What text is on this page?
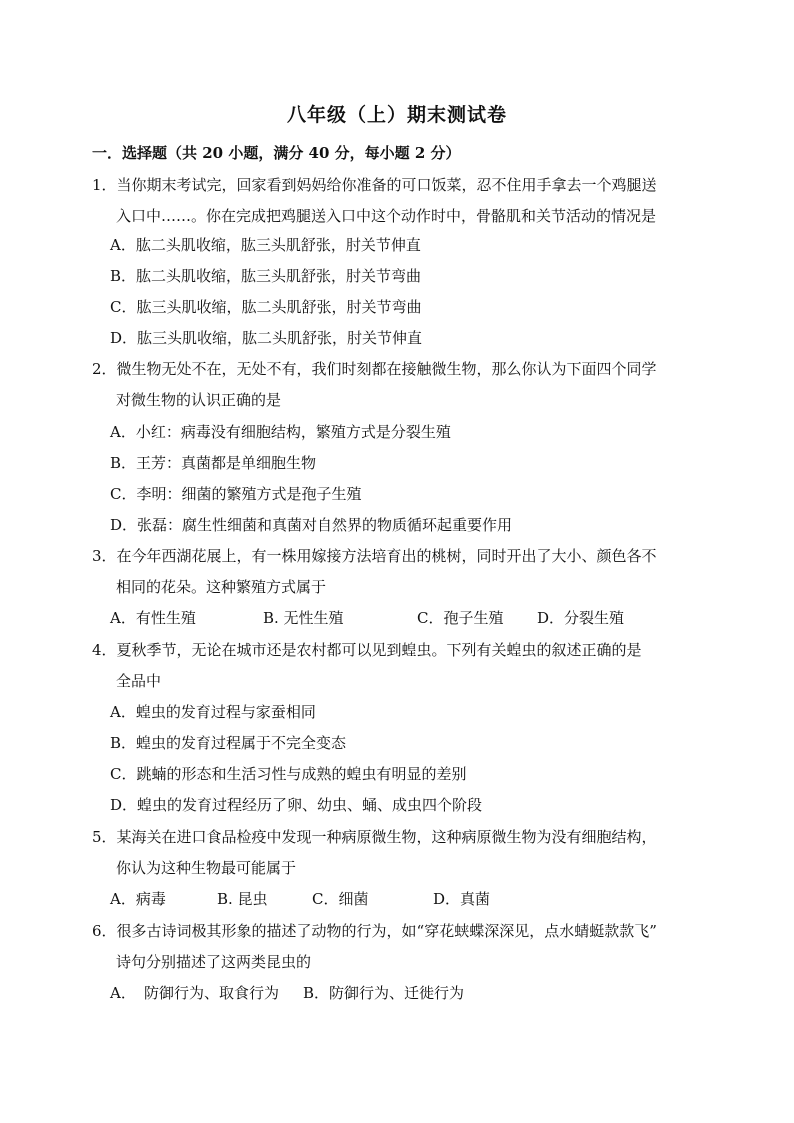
八年级（上）期末测试卷
一．选择题（共 20 小题，满分 40 分，每小题 2 分）
1．当你期末考试完，回家看到妈妈给你准备的可口饭菜，忍不住用手拿去一个鸡腿送
入口中……。你在完成把鸡腿送入口中这个动作时中，骨骼肌和关节活动的情况是
A．肱二头肌收缩，肱三头肌舒张，肘关节伸直
B．肱二头肌收缩，肱三头肌舒张，肘关节弯曲
C．肱三头肌收缩，肱二头肌舒张，肘关节弯曲
D．肱三头肌收缩，肱二头肌舒张，肘关节伸直
2．微生物无处不在，无处不有，我们时刻都在接触微生物，那么你认为下面四个同学
对微生物的认识正确的是
A．小红：病毒没有细胞结构，繁殖方式是分裂生殖
B．王芳：真菌都是单细胞生物
C．李明：细菌的繁殖方式是孢子生殖
D．张磊：腐生性细菌和真菌对自然界的物质循环起重要作用
3．在今年西湖花展上，有一株用嫁接方法培育出的桃树，同时开出了大小、颜色各不
相同的花朵。这种繁殖方式属于
A．有性生殖	B. 无性生殖	C．孢子生殖 D．分裂生殖
4．夏秋季节，无论在城市还是农村都可以见到蝗虫。下列有关蝗虫的叙述正确的是
全品中
A．蝗虫的发育过程与家蚕相同
B．蝗虫的发育过程属于不完全变态
C．跳蝻的形态和生活习性与成熟的蝗虫有明显的差别
D．蝗虫的发育过程经历了卵、幼虫、蛹、成虫四个阶段
5．某海关在进口食品检疫中发现一种病原微生物，这种病原微生物为没有细胞结构，
你认为这种生物最可能属于
A．病毒	B. 昆虫	C．细菌	D．真菌
6．很多古诗词极其形象的描述了动物的行为，如“穿花蛱蝶深深见，点水蜻蜓款款飞”
诗句分别描述了这两类昆虫的
A． 防御行为、取食行为 B．防御行为、迁徙行为
